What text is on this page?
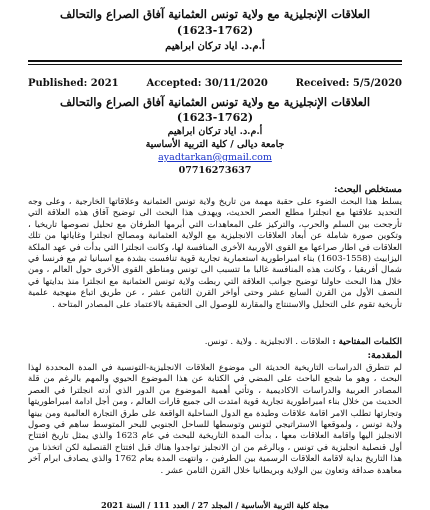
العلاقات الإنجليزية مع ولاية تونس العثمانية آفاق الصراع والتحالف
(1623-1762)
أ.م.د. اياد تركان ابراهيم
Published: 2021	Accepted: 30/11/2020	Received: 5/5/2020
العلاقات الإنجليزية مع ولاية تونس العثمانية آفاق الصراع والتحالف
(1623-1762)
أ.م.د. اياد تركان ابراهيم
جامعة ديالى / كلية التربية الأساسية
ayadtarkan@gmail.com
07716273637
مستخلص البحث:

يسلط هذا البحث الضوء على حقبة مهمة من تاريخ ولاية تونس العثمانية وعلاقاتها الخارجية ، وعلى وجه التحديد علاقتها مع انجلترا مطلع العصر الحديث، ويهدف هذا البحث الى توضيح آفاق هذه العلاقة التي تأرجحت بين السلم والحرب، والتركيز على المعاهدات التي أبرمها الطرفان مع تحليل نصوصها تاريخيا ، وتكوين صورة شاملة عن أبعاد العلاقات الانجليزية مع الولاية العثمانية ومصالح انجلترا وغاياتها من تلك العلاقات في اطار صراعها مع القوى الأوربية الأخرى المنافسة لها، وكانت انجلترا التي بدأت في عهد الملكة اليزابيث (1558-1603) بناء امبراطورية استعمارية تجارية قوية تنافست بشدة مع اسبانيا ثم مع فرنسا في شمال أفريقيا ، وكانت هذه المنافسة غالبا ما تتسبب الى تونس ومناطق القوى الأخرى حول العالم ، ومن خلال هذا البحث حاولنا توضيح جوانب العلاقة التي ربطت ولاية تونس العثمانية مع انجلترا منذ بدايتها في النصف الأول من القرن السابع عشر وحتى أواخر القرن الثامن عشر ، عن طريق اتباع منهجية علمية تأريخية تقوم على التحليل والاستنتاج والمقارنة للوصول الى الحقيقة بالاعتماد على المصادر المتاحة .

الكلمات المفتاحية : العلاقات . الانجليزية . ولاية . تونس.
المقدمة:

لم تتطرق الدراسات التاريخية الحديثة الى موضوع العلاقات الانجليزية-التونسية في المدة المحددة لهذا البحث ، وهو ما شجع الباحث على المضي في الكتابة عن هذا الموضوع الحيوي والمهم بالرغم من قلة المصادر العربية والدراسات الاكاديمية ، وتأتي أهمية الموضوع من الدور الذي أدته انجلترا في العصر الحديث من خلال بناء امبراطورية تجارية قوية امتدت الى جميع قارات العالم ، ومن أجل ادامة امبراطوريتها وتجارتها تطلب الامر اقامة علاقات وطيدة مع الدول الساحلية الواقعة على طرق التجارة العالمية ومن بينها ولاية تونس ، ولموقعها الاستراتيجي لتونس وتوسطها للساحل الجنوبي للبحر المتوسط ساهم في وصول الانجليز اليها واقامة العلاقات معها ، بدأت المدة التاريخية للبحث في عام 1623 والذي يمثل تاريخ افتتاح أول قنصلية انجليزية في تونس ، وبالرغم من ان الانجليز تواجدوا هناك قبل افتتاح القنصلية لكن اتخذنا من هذا التاريخ بداية لاقامة العلاقات الرسمية بين الطرفين ، وانتهت المدة بعام 1762 والذي يصادف ابرام آخر معاهدة صداقة وتعاون بين الولاية وبريطانيا خلال القرن الثامن عشر .

مجلة كلية التربية الأساسية / المجلد 27 / العدد 111 / السنة 2021
